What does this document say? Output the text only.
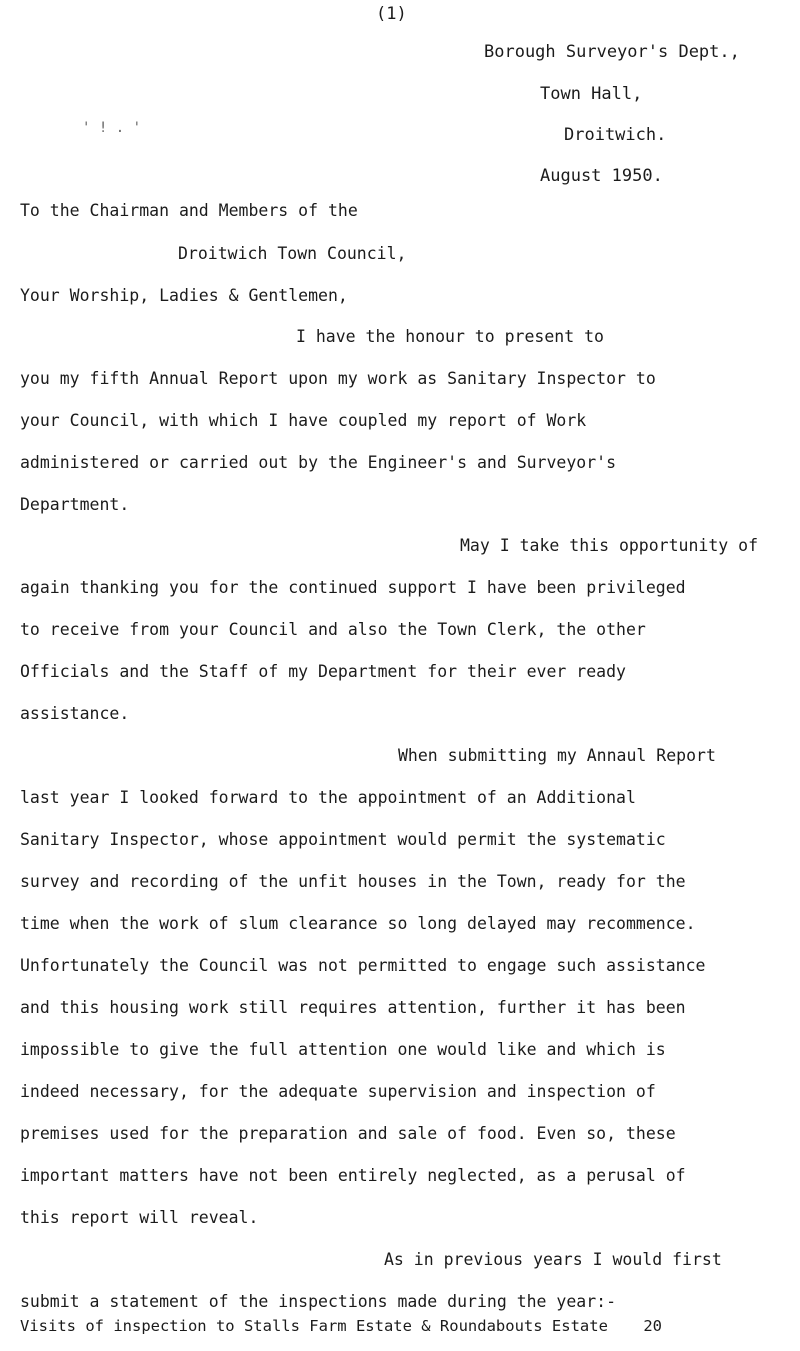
(1)
Borough Surveyor's Dept.,
Town Hall,
Droitwich.
August 1950.
' ! . '
To the Chairman and Members of the
Droitwich Town Council,
Your Worship, Ladies & Gentlemen,
I have the honour to present to
you my fifth Annual Report upon my work as Sanitary Inspector to
your Council, with which I have coupled my report of Work
administered or carried out by the Engineer's and Surveyor's
Department.
May I take this opportunity of
again thanking you for the continued support I have been privileged
to receive from your Council and also the Town Clerk, the other
Officials and the Staff of my Department for their ever ready
assistance.
When submitting my Annaul Report
last year I looked forward to the appointment of an Additional
Sanitary Inspector, whose appointment would permit the systematic
survey and recording of the unfit houses in the Town, ready for the
time when the work of slum clearance so long delayed may recommence.
Unfortunately the Council was not permitted to engage such assistance
and this housing work still requires attention, further it has been
impossible to give the full attention one would like and which is
indeed necessary, for the adequate supervision and inspection of
premises used for the preparation and sale of food. Even so, these
important matters have not been entirely neglected, as a perusal of
this report will reveal.
As in previous years I would first
submit a statement of the inspections made during the year:-
Visits of inspection to Stalls Farm Estate & Roundabouts Estate 20
